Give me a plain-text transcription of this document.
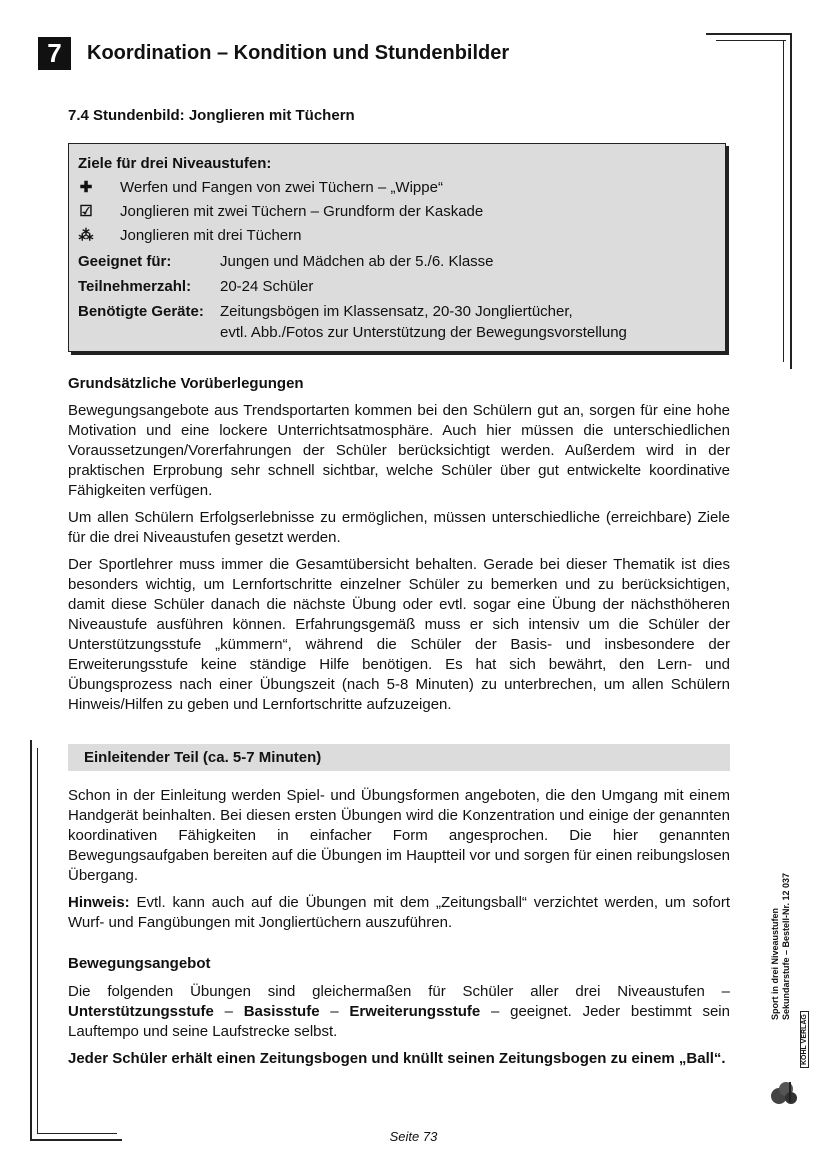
7	Koordination – Kondition und Stundenbilder
7.4 Stundenbild: Jonglieren mit Tüchern
Ziele für drei Niveaustufen:
✚ Werfen und Fangen von zwei Tüchern – „Wippe“
☑ Jonglieren mit zwei Tüchern – Grundform der Kaskade
⁂ Jonglieren mit drei Tüchern
Geeignet für:	Jungen und Mädchen ab der 5./6. Klasse
Teilnehmerzahl: 20-24 Schüler
Benötigte Geräte: Zeitungsbögen im Klassensatz, 20-30 Jongliertücher,
evtl. Abb./Fotos zur Unterstützung der Bewegungsvorstellung
Grundsätzliche Vorüberlegungen

Bewegungsangebote aus Trendsportarten kommen bei den Schülern gut an, sorgen für eine hohe Motivation und eine lockere Unterrichtsatmosphäre. Auch hier müssen die unterschiedlichen Voraussetzungen/Vorerfahrungen der Schüler berücksichtigt werden. Außerdem wird in der praktischen Erprobung sehr schnell sichtbar, welche Schüler über gut entwickelte koordinative Fähigkeiten verfügen.

Um allen Schülern Erfolgserlebnisse zu ermöglichen, müssen unterschiedliche (erreichbare) Ziele für die drei Niveaustufen gesetzt werden.

Der Sportlehrer muss immer die Gesamtübersicht behalten. Gerade bei dieser Thematik ist dies besonders wichtig, um Lernfortschritte einzelner Schüler zu bemerken und zu berücksichtigen, damit diese Schüler danach die nächste Übung oder evtl. sogar eine Übung der nächsthöheren Niveaustufe ausführen können. Erfahrungsgemäß muss er sich intensiv um die Schüler der Unterstützungsstufe „kümmern“, während die Schüler der Basis- und insbesondere der Erweiterungsstufe keine ständige Hilfe benötigen. Es hat sich bewährt, den Lern- und Übungsprozess nach einer Übungszeit (nach 5-8 Minuten) zu unterbrechen, um allen Schülern Hinweis/Hilfen zu geben und Lernfortschritte aufzuzeigen.

Einleitender Teil (ca. 5-7 Minuten)

Schon in der Einleitung werden Spiel- und Übungsformen angeboten, die den Umgang mit einem Handgerät beinhalten. Bei diesen ersten Übungen wird die Konzentration und einige der genannten koordinativen Fähigkeiten in einfacher Form angesprochen. Die hier genannten Bewegungsaufgaben bereiten auf die Übungen im Hauptteil vor und sorgen für einen reibungslosen Übergang.

Hinweis: Evtl. kann auch auf die Übungen mit dem „Zeitungsball“ verzichtet werden, um sofort Wurf- und Fangübungen mit Jongliertüchern auszuführen.

Bewegungsangebot

Die folgenden Übungen sind gleichermaßen für Schüler aller drei Niveaustufen – Unterstützungsstufe – Basisstufe – Erweiterungsstufe – geeignet. Jeder bestimmt sein Lauftempo und seine Laufstrecke selbst.

Jeder Schüler erhält einen Zeitungsbogen und knüllt seinen Zeitungsbogen zu einem „Ball“.

Sport in drei Niveaustufen Sekundarstufe – Bestell-Nr. 12 037
KOHL VERLAG
Seite 73
